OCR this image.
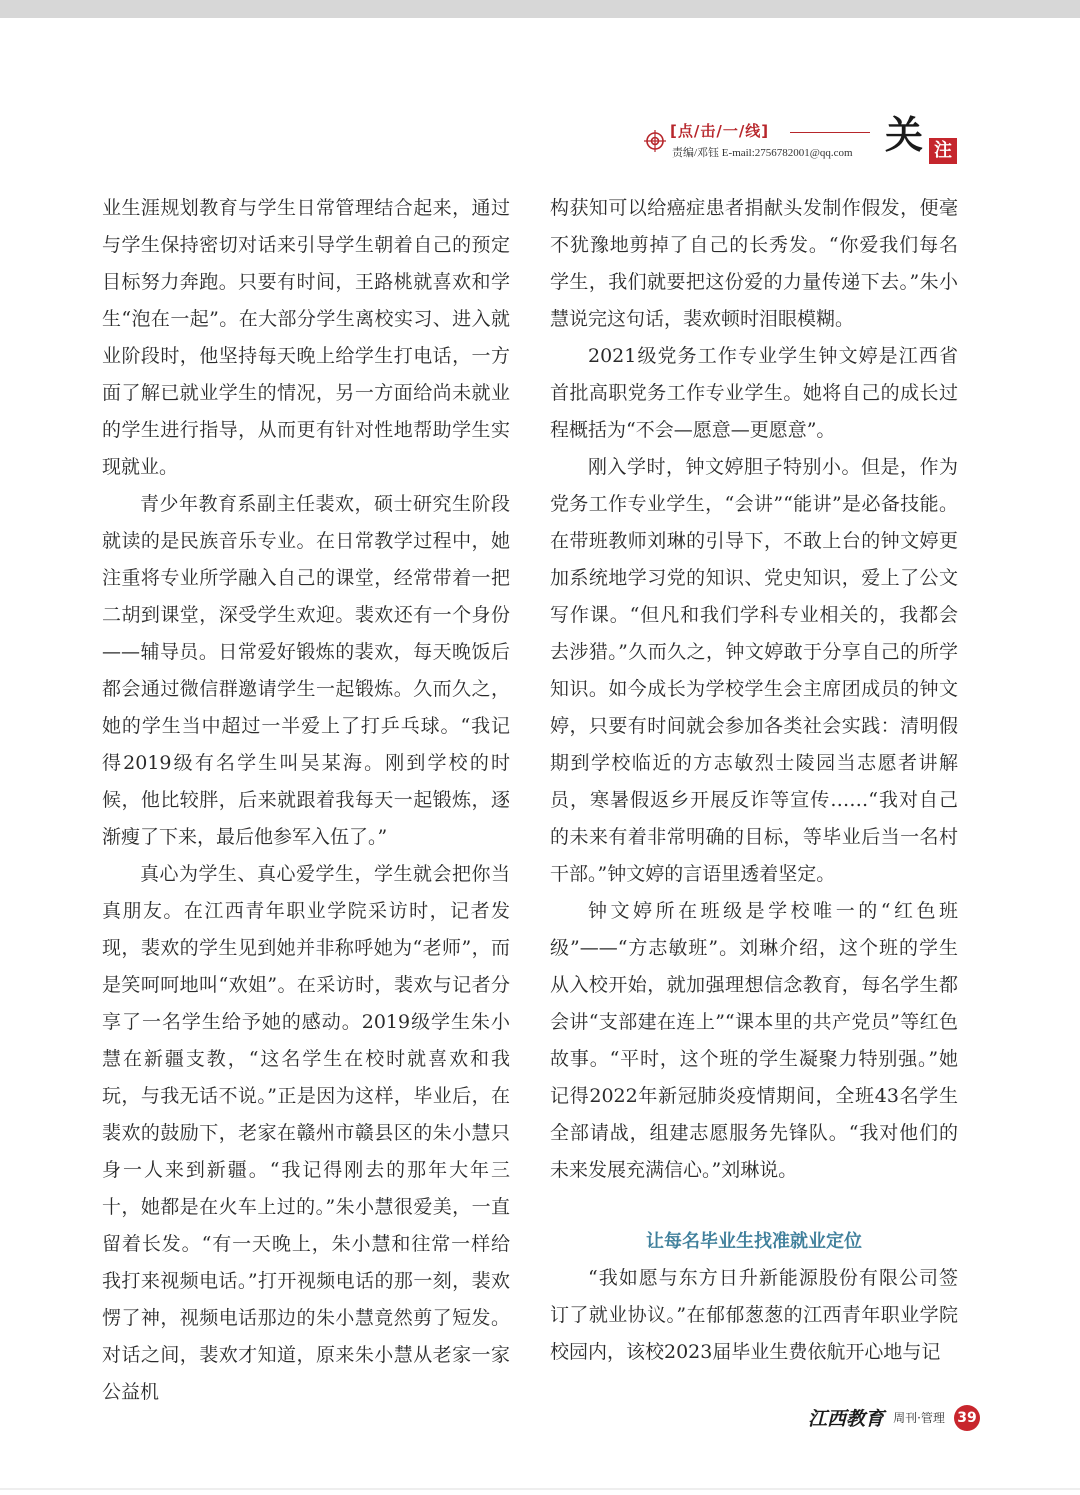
[点/击/一/线]
责编/邓钰 E-mail:2756782001@qq.com 关 注

业生涯规划教育与学生日常管理结合起来，通过与学生保持密切对话来引导学生朝着自己的预定目标努力奔跑。只要有时间，王路桃就喜欢和学生“泡在一起”。在大部分学生离校实习、进入就业阶段时，他坚持每天晚上给学生打电话，一方面了解已就业学生的情况，另一方面给尚未就业的学生进行指导，从而更有针对性地帮助学生实现就业。

青少年教育系副主任裴欢，硕士研究生阶段就读的是民族音乐专业。在日常教学过程中，她注重将专业所学融入自己的课堂，经常带着一把二胡到课堂，深受学生欢迎。裴欢还有一个身份——辅导员。日常爱好锻炼的裴欢，每天晚饭后都会通过微信群邀请学生一起锻炼。久而久之，她的学生当中超过一半爱上了打乒乓球。“我记得2019级有名学生叫吴某海。刚到学校的时候，他比较胖，后来就跟着我每天一起锻炼，逐渐瘦了下来，最后他参军入伍了。”

真心为学生、真心爱学生，学生就会把你当真朋友。在江西青年职业学院采访时，记者发现，裴欢的学生见到她并非称呼她为“老师”，而是笑呵呵地叫“欢姐”。在采访时，裴欢与记者分享了一名学生给予她的感动。2019级学生朱小慧在新疆支教，“这名学生在校时就喜欢和我玩，与我无话不说。”正是因为这样，毕业后，在裴欢的鼓励下，老家在赣州市赣县区的朱小慧只身一人来到新疆。“我记得刚去的那年大年三十，她都是在火车上过的。”朱小慧很爱美，一直留着长发。“有一天晚上，朱小慧和往常一样给我打来视频电话。”打开视频电话的那一刻，裴欢愣了神，视频电话那边的朱小慧竟然剪了短发。对话之间，裴欢才知道，原来朱小慧从老家一家公益机

构获知可以给癌症患者捐献头发制作假发，便毫不犹豫地剪掉了自己的长秀发。“你爱我们每名学生，我们就要把这份爱的力量传递下去。”朱小慧说完这句话，裴欢顿时泪眼模糊。

2021级党务工作专业学生钟文婷是江西省首批高职党务工作专业学生。她将自己的成长过程概括为“不会—愿意—更愿意”。

刚入学时，钟文婷胆子特别小。但是，作为党务工作专业学生，“会讲”“能讲”是必备技能。在带班教师刘琳的引导下，不敢上台的钟文婷更加系统地学习党的知识、党史知识，爱上了公文写作课。“但凡和我们学科专业相关的，我都会去涉猎。”久而久之，钟文婷敢于分享自己的所学知识。如今成长为学校学生会主席团成员的钟文婷，只要有时间就会参加各类社会实践：清明假期到学校临近的方志敏烈士陵园当志愿者讲解员，寒暑假返乡开展反诈等宣传……“我对自己的未来有着非常明确的目标，等毕业后当一名村干部。”钟文婷的言语里透着坚定。

钟文婷所在班级是学校唯一的“红色班级”——“方志敏班”。刘琳介绍，这个班的学生从入校开始，就加强理想信念教育，每名学生都会讲“支部建在连上”“课本里的共产党员”等红色故事。“平时，这个班的学生凝聚力特别强。”她记得2022年新冠肺炎疫情期间，全班43名学生全部请战，组建志愿服务先锋队。“我对他们的未来发展充满信心。”刘琳说。

让每名毕业生找准就业定位

“我如愿与东方日升新能源股份有限公司签订了就业协议。”在郁郁葱葱的江西青年职业学院校园内，该校2023届毕业生费依航开心地与记

江西教育 周刊·管理 39
